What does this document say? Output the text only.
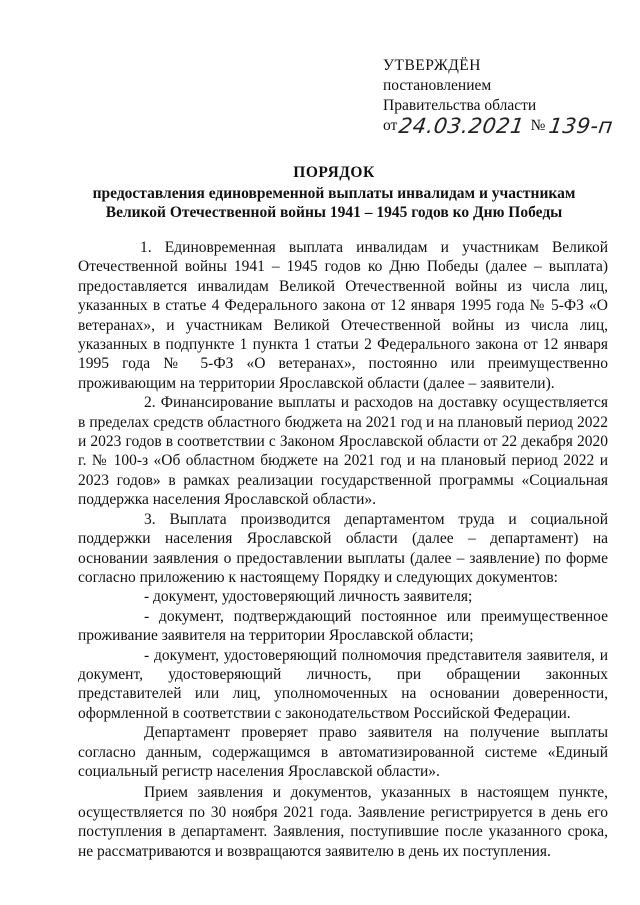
УТВЕРЖДЁН
постановлением
Правительства области
от 24.03.2021 № 139-п
ПОРЯДОК
предоставления единовременной выплаты инвалидам и участникам
Великой Отечественной войны 1941 – 1945 годов ко Дню Победы

1. Единовременная выплата инвалидам и участникам Великой Отечественной войны 1941 – 1945 годов ко Дню Победы (далее – выплата) предоставляется инвалидам Великой Отечественной войны из числа лиц, указанных в статье 4 Федерального закона от 12 января 1995 года № 5-ФЗ «О ветеранах», и участникам Великой Отечественной войны из числа лиц, указанных в подпункте 1 пункта 1 статьи 2 Федерального закона от 12 января 1995 года № 5-ФЗ «О ветеранах», постоянно или преимущественно проживающим на территории Ярославской области (далее – заявители).

2. Финансирование выплаты и расходов на доставку осуществляется в пределах средств областного бюджета на 2021 год и на плановый период 2022 и 2023 годов в соответствии с Законом Ярославской области от 22 декабря 2020 г. № 100-з «Об областном бюджете на 2021 год и на плановый период 2022 и 2023 годов» в рамках реализации государственной программы «Социальная поддержка населения Ярославской области».

3. Выплата производится департаментом труда и социальной поддержки населения Ярославской области (далее – департамент) на основании заявления о предоставлении выплаты (далее – заявление) по форме согласно приложению к настоящему Порядку и следующих документов:

- документ, удостоверяющий личность заявителя;

- документ, подтверждающий постоянное или преимущественное проживание заявителя на территории Ярославской области;

- документ, удостоверяющий полномочия представителя заявителя, и документ, удостоверяющий личность, при обращении законных представителей или лиц, уполномоченных на основании доверенности, оформленной в соответствии с законодательством Российской Федерации.

Департамент проверяет право заявителя на получение выплаты согласно данным, содержащимся в автоматизированной системе «Единый социальный регистр населения Ярославской области».

Прием заявления и документов, указанных в настоящем пункте, осуществляется по 30 ноября 2021 года. Заявление регистрируется в день его поступления в департамент. Заявления, поступившие после указанного срока, не рассматриваются и возвращаются заявителю в день их поступления.
